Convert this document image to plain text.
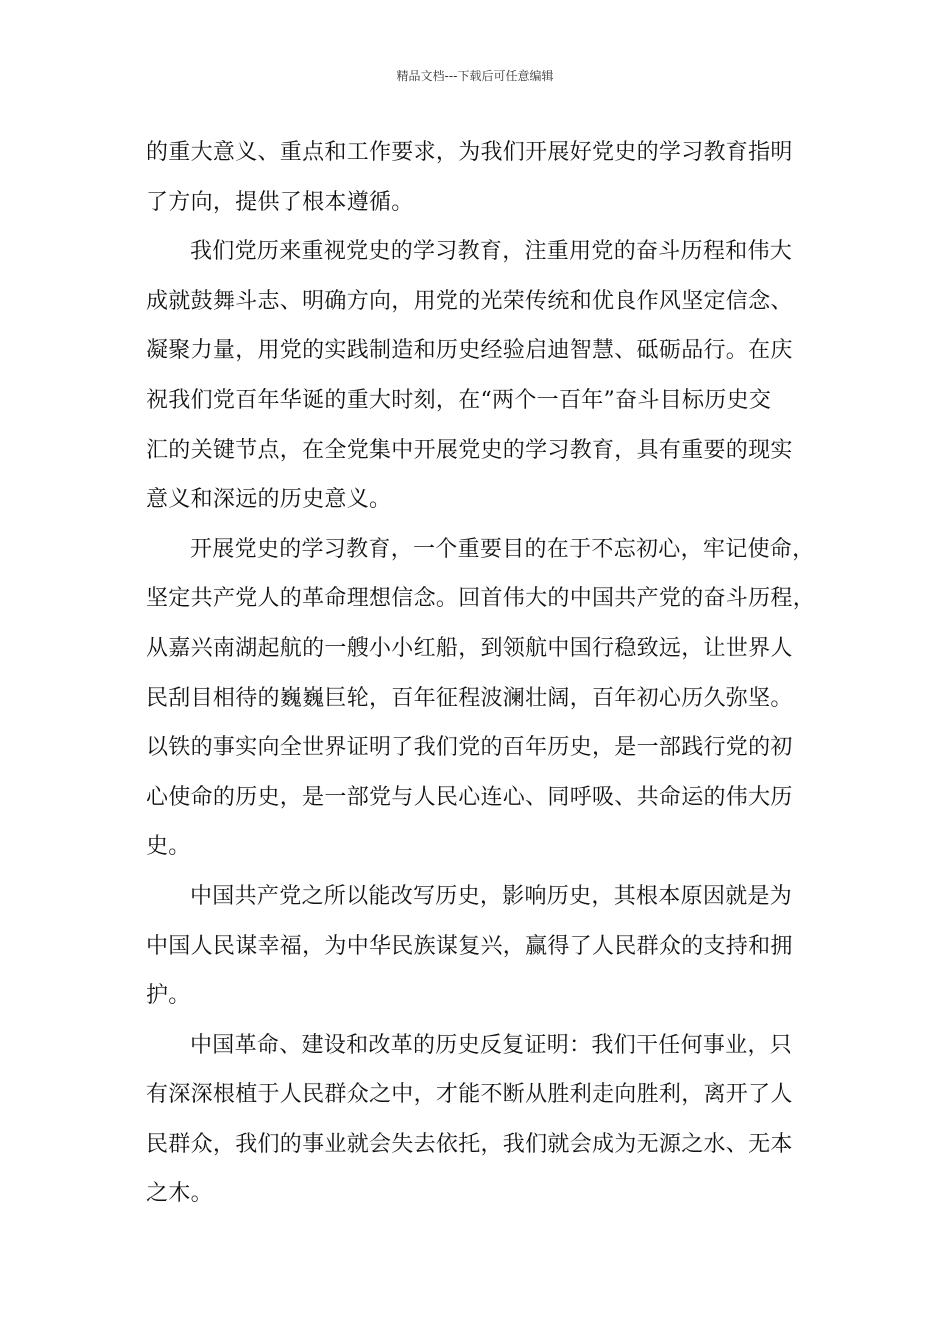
精品文档---下载后可任意编辑
的重大意义、重点和工作要求，为我们开展好党史的学习教育指明
了方向，提供了根本遵循。
我们党历来重视党史的学习教育，注重用党的奋斗历程和伟大
成就鼓舞斗志、明确方向，用党的光荣传统和优良作风坚定信念、
凝聚力量，用党的实践制造和历史经验启迪智慧、砥砺品行。在庆
祝我们党百年华诞的重大时刻，在“两个一百年”奋斗目标历史交
汇的关键节点，在全党集中开展党史的学习教育，具有重要的现实
意义和深远的历史意义。
开展党史的学习教育，一个重要目的在于不忘初心，牢记使命，
坚定共产党人的革命理想信念。回首伟大的中国共产党的奋斗历程，
从嘉兴南湖起航的一艘小小红船，到领航中国行稳致远，让世界人
民刮目相待的巍巍巨轮，百年征程波澜壮阔，百年初心历久弥坚。
以铁的事实向全世界证明了我们党的百年历史，是一部践行党的初
心使命的历史，是一部党与人民心连心、同呼吸、共命运的伟大历
史。
中国共产党之所以能改写历史，影响历史，其根本原因就是为
中国人民谋幸福，为中华民族谋复兴，赢得了人民群众的支持和拥
护。
中国革命、建设和改革的历史反复证明：我们干任何事业，只
有深深根植于人民群众之中，才能不断从胜利走向胜利，离开了人
民群众，我们的事业就会失去依托，我们就会成为无源之水、无本
之木。
